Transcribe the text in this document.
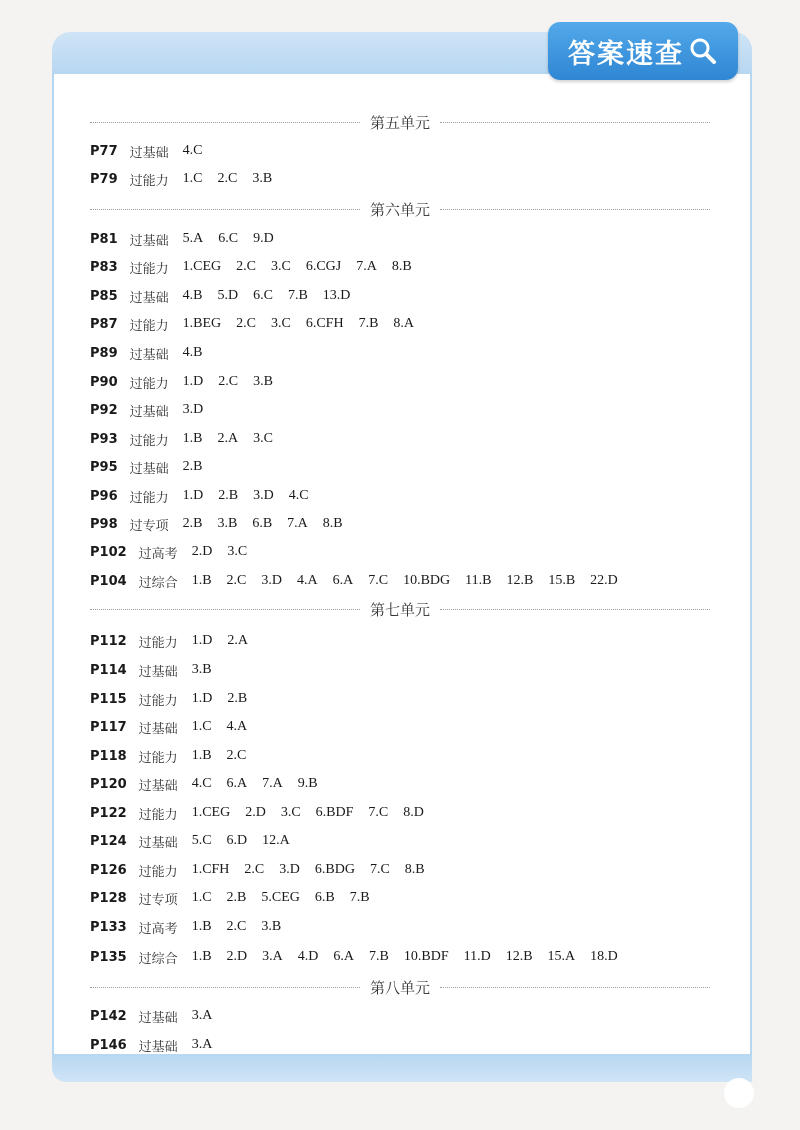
答案速查
第五单元
P77 过基础 4.C
P79 过能力 1.C 2.C 3.B
第六单元
P81 过基础 5.A 6.C 9.D
P83 过能力 1.CEG 2.C 3.C 6.CGJ 7.A 8.B
P85 过基础 4.B 5.D 6.C 7.B 13.D
P87 过能力 1.BEG 2.C 3.C 6.CFH 7.B 8.A
P89 过基础 4.B
P90 过能力 1.D 2.C 3.B
P92 过基础 3.D
P93 过能力 1.B 2.A 3.C
P95 过基础 2.B
P96 过能力 1.D 2.B 3.D 4.C
P98 过专项 2.B 3.B 6.B 7.A 8.B
P102 过高考 2.D 3.C
P104 过综合 1.B 2.C 3.D 4.A 6.A 7.C 10.BDG 11.B 12.B 15.B 22.D
第七单元
P112 过能力 1.D 2.A
P114 过基础 3.B
P115 过能力 1.D 2.B
P117 过基础 1.C 4.A
P118 过能力 1.B 2.C
P120 过基础 4.C 6.A 7.A 9.B
P122 过能力 1.CEG 2.D 3.C 6.BDF 7.C 8.D
P124 过基础 5.C 6.D 12.A
P126 过能力 1.CFH 2.C 3.D 6.BDG 7.C 8.B
P128 过专项 1.C 2.B 5.CEG 6.B 7.B
P133 过高考 1.B 2.C 3.B
P135 过综合 1.B 2.D 3.A 4.D 6.A 7.B 10.BDF 11.D 12.B 15.A 18.D
第八单元
P142 过基础 3.A
P146 过基础 3.A
